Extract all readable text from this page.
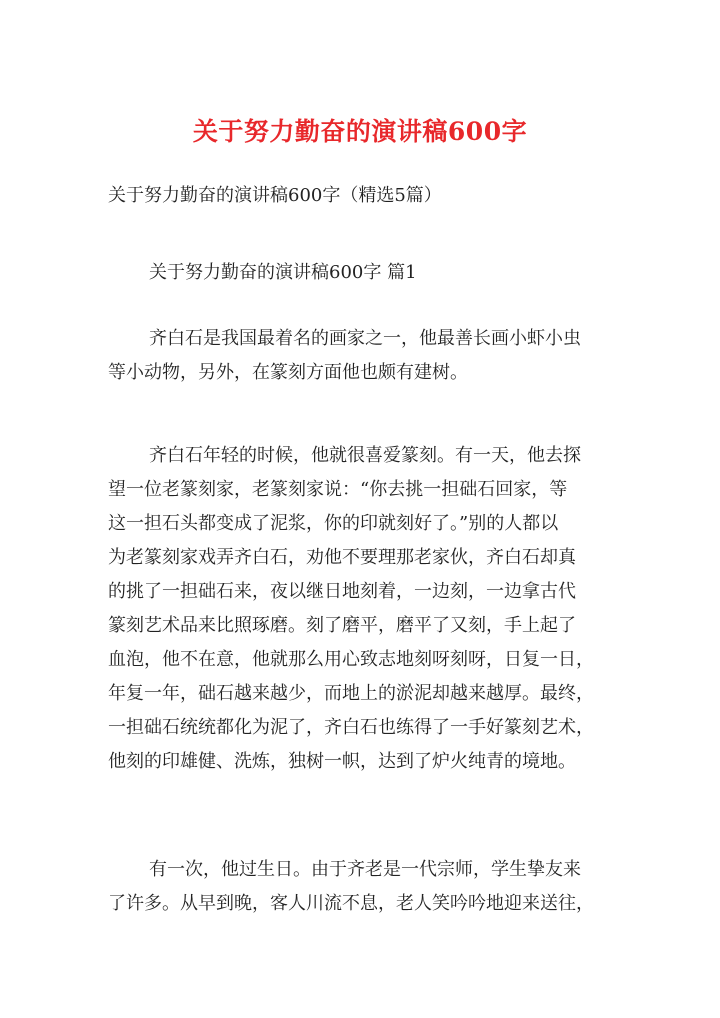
关于努力勤奋的演讲稿600字

关于努力勤奋的演讲稿600字（精选5篇）

关于努力勤奋的演讲稿600字 篇1

齐白石是我国最着名的画家之一，他最善长画小虾小虫
等小动物，另外，在篆刻方面他也颇有建树。
齐白石年轻的时候，他就很喜爱篆刻。有一天，他去探
望一位老篆刻家，老篆刻家说：“你去挑一担础石回家，等
这一担石头都变成了泥浆，你的印就刻好了。”别的人都以
为老篆刻家戏弄齐白石，劝他不要理那老家伙，齐白石却真
的挑了一担础石来，夜以继日地刻着，一边刻，一边拿古代
篆刻艺术品来比照琢磨。刻了磨平，磨平了又刻，手上起了
血泡，他不在意，他就那么用心致志地刻呀刻呀，日复一日，
年复一年，础石越来越少，而地上的淤泥却越来越厚。最终，
一担础石统统都化为泥了，齐白石也练得了一手好篆刻艺术，
他刻的印雄健、洗炼，独树一帜，达到了炉火纯青的境地。
有一次，他过生日。由于齐老是一代宗师，学生挚友来
了许多。从早到晚，客人川流不息，老人笑吟吟地迎来送往，
